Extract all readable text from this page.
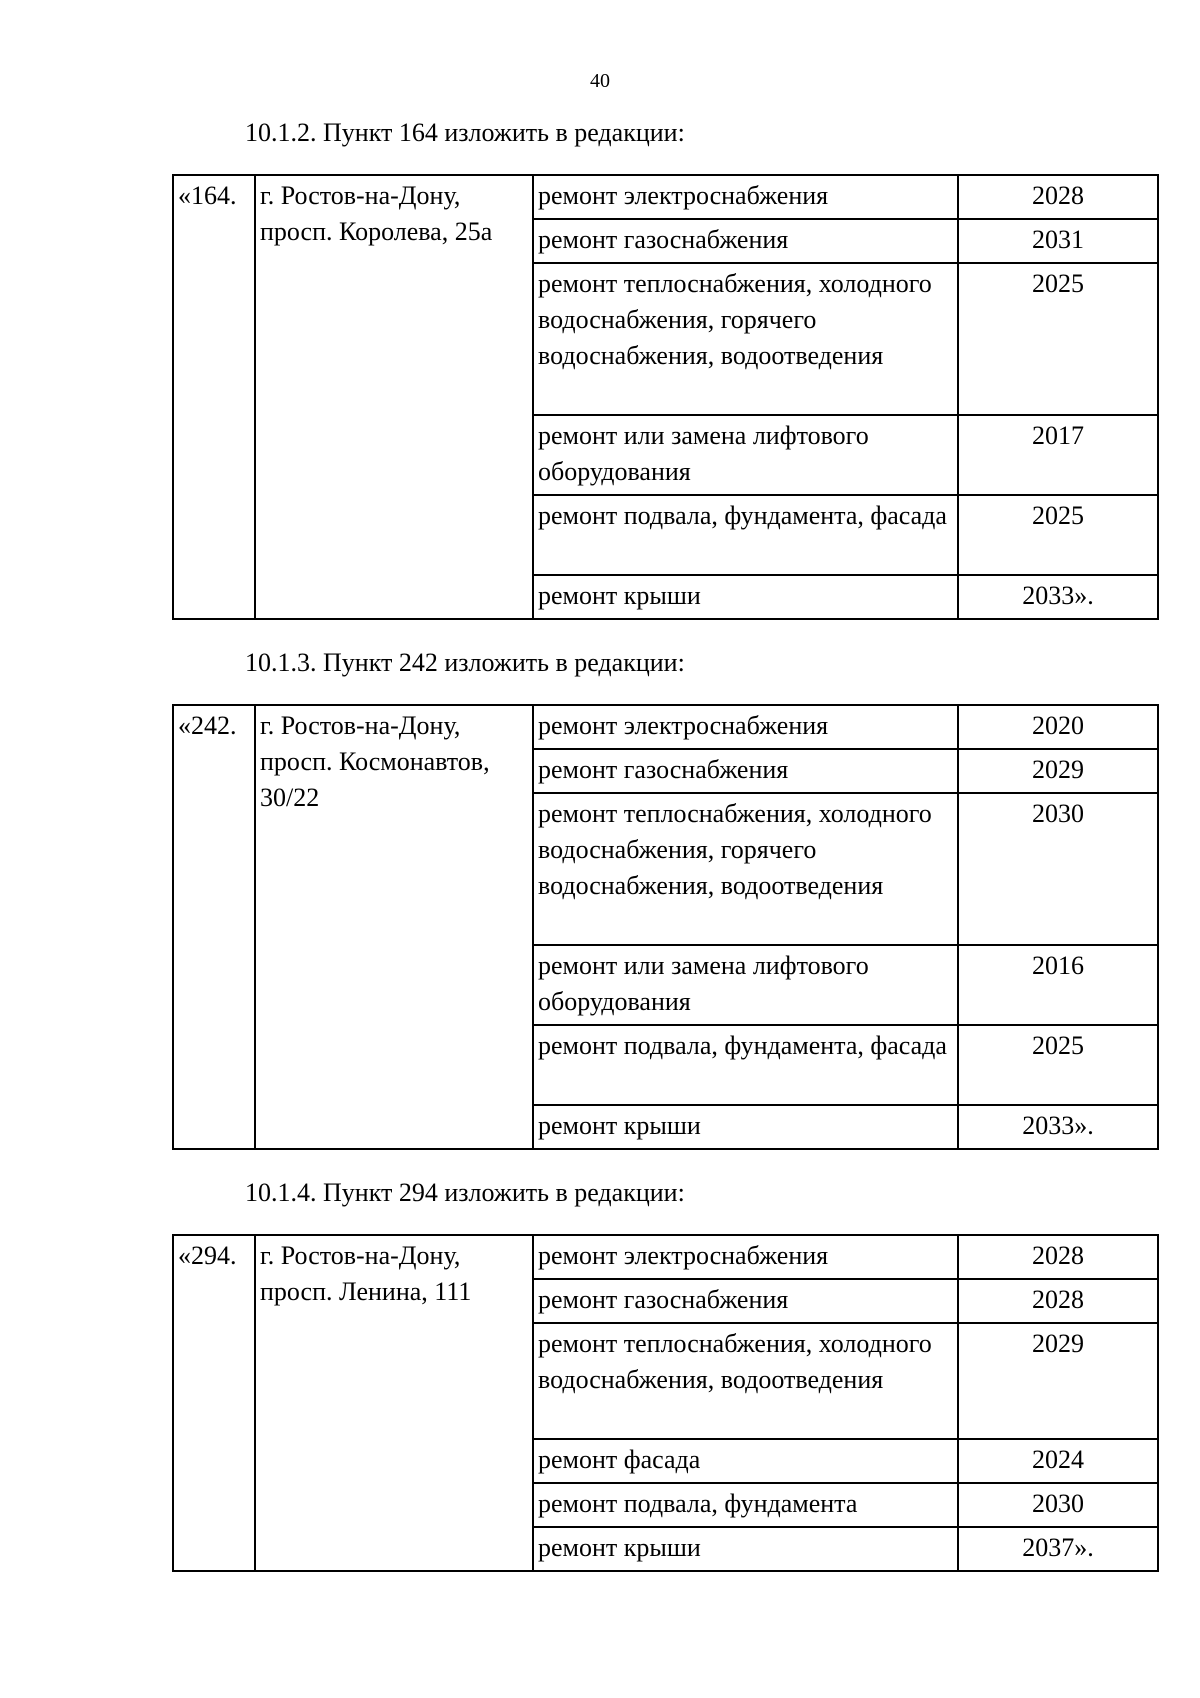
40
10.1.2. Пункт 164 изложить в редакции:
«164.	г. Ростов-на-Дону, просп. Королева, 25а	ремонт электроснабжения	2028
		ремонт газоснабжения	2031
		ремонт теплоснабжения, холодного водоснабжения, горячего водоснабжения, водоотведения	2025
		ремонт или замена лифтового оборудования	2017
		ремонт подвала, фундамента, фасада	2025
		ремонт крыши	2033».
10.1.3. Пункт 242 изложить в редакции:
«242.	г. Ростов-на-Дону, просп. Космонавтов, 30/22	ремонт электроснабжения	2020
		ремонт газоснабжения	2029
		ремонт теплоснабжения, холодного водоснабжения, горячего водоснабжения, водоотведения	2030
		ремонт или замена лифтового оборудования	2016
		ремонт подвала, фундамента, фасада	2025
		ремонт крыши	2033».
10.1.4. Пункт 294 изложить в редакции:
«294.	г. Ростов-на-Дону, просп. Ленина, 111	ремонт электроснабжения	2028
		ремонт газоснабжения	2028
		ремонт теплоснабжения, холодного водоснабжения, водоотведения	2029
		ремонт фасада	2024
		ремонт подвала, фундамента	2030
		ремонт крыши	2037».
